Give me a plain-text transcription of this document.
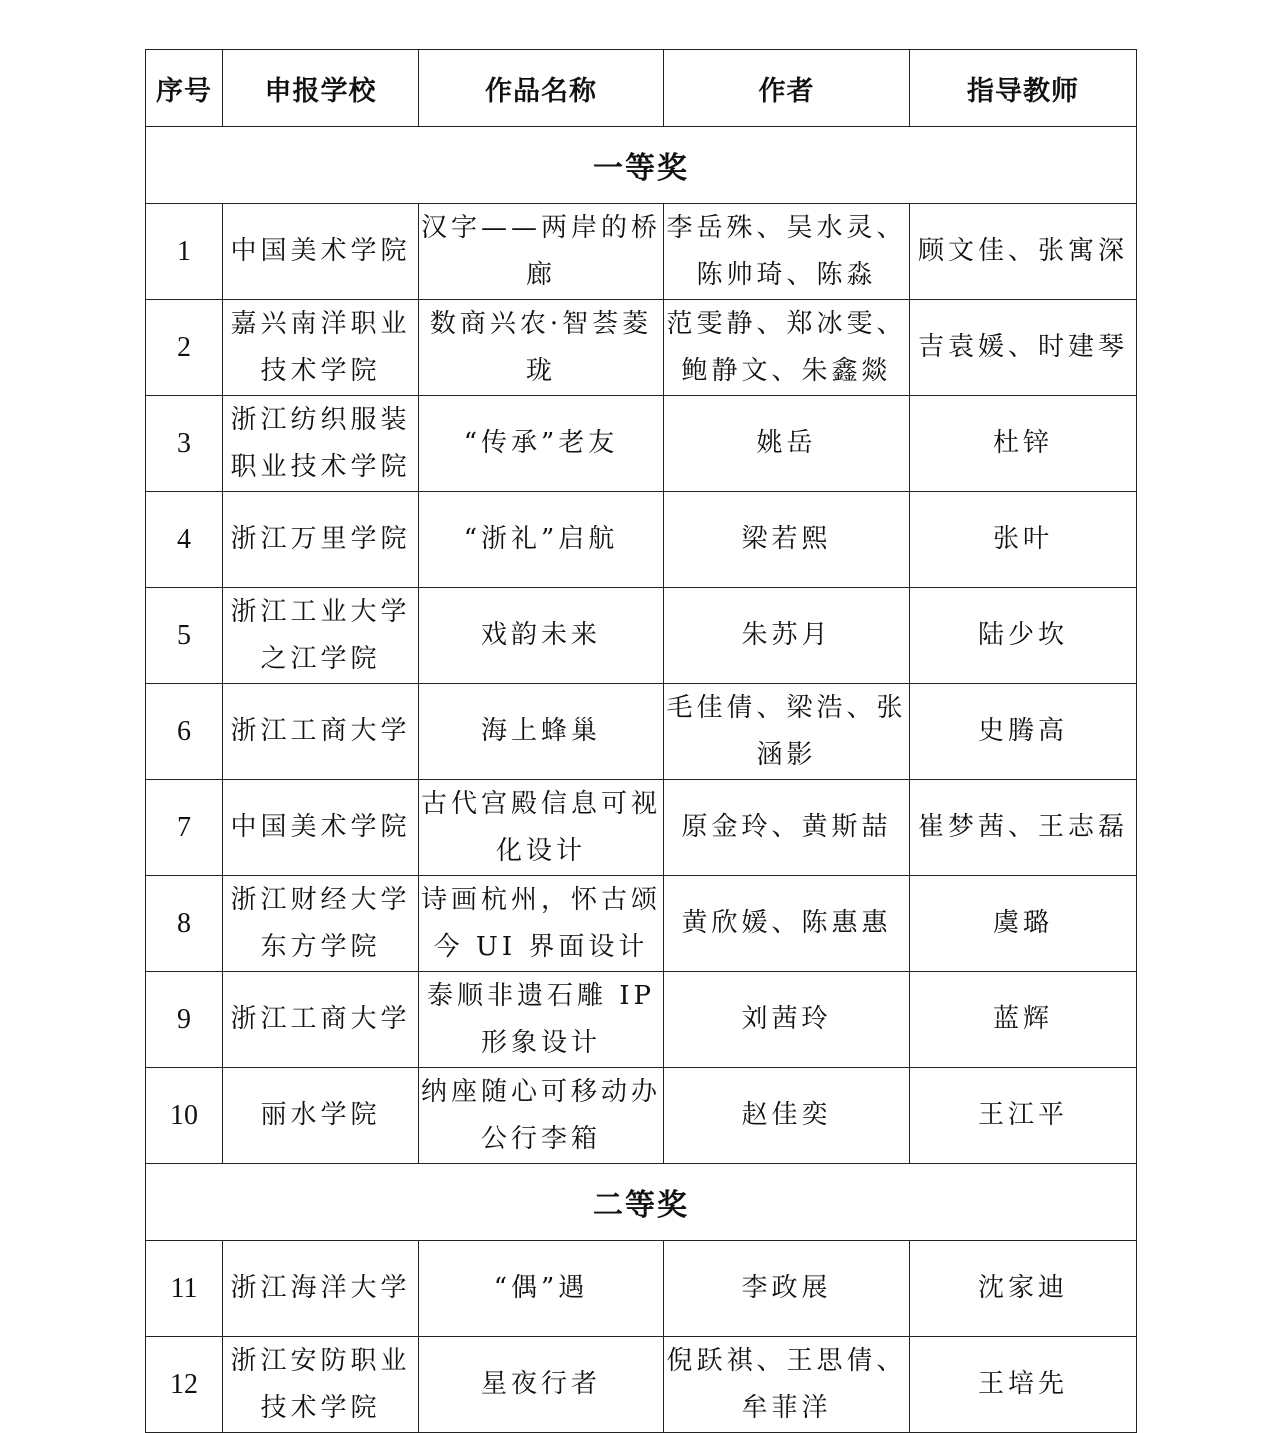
序号	申报学校	作品名称	作者	指导教师
一等奖				
1	中国美术学院	汉字——两岸的桥廊	李岳殊、吴水灵、陈帅琦、陈淼	顾文佳、张寓深
2	嘉兴南洋职业技术学院	数商兴农·智荟菱珑	范雯静、郑冰雯、鲍静文、朱鑫燚	吉袁媛、时建琴
3	浙江纺织服装职业技术学院	“传承”老友	姚岳	杜锌
4	浙江万里学院	“浙礼”启航	梁若熙	张叶
5	浙江工业大学之江学院	戏韵未来	朱苏月	陆少坎
6	浙江工商大学	海上蜂巢	毛佳倩、梁浩、张涵影	史腾高
7	中国美术学院	古代宫殿信息可视化设计	原金玲、黄斯喆	崔梦茜、王志磊
8	浙江财经大学东方学院	诗画杭州，怀古颂今 UI 界面设计	黄欣媛、陈惠惠	虞璐
9	浙江工商大学	泰顺非遗石雕 IP 形象设计	刘茜玲	蓝辉
10	丽水学院	纳座随心可移动办公行李箱	赵佳奕	王江平
二等奖				
11	浙江海洋大学	“偶”遇	李政展	沈家迪
12	浙江安防职业技术学院	星夜行者	倪跃祺、王思倩、牟菲洋	王培先
